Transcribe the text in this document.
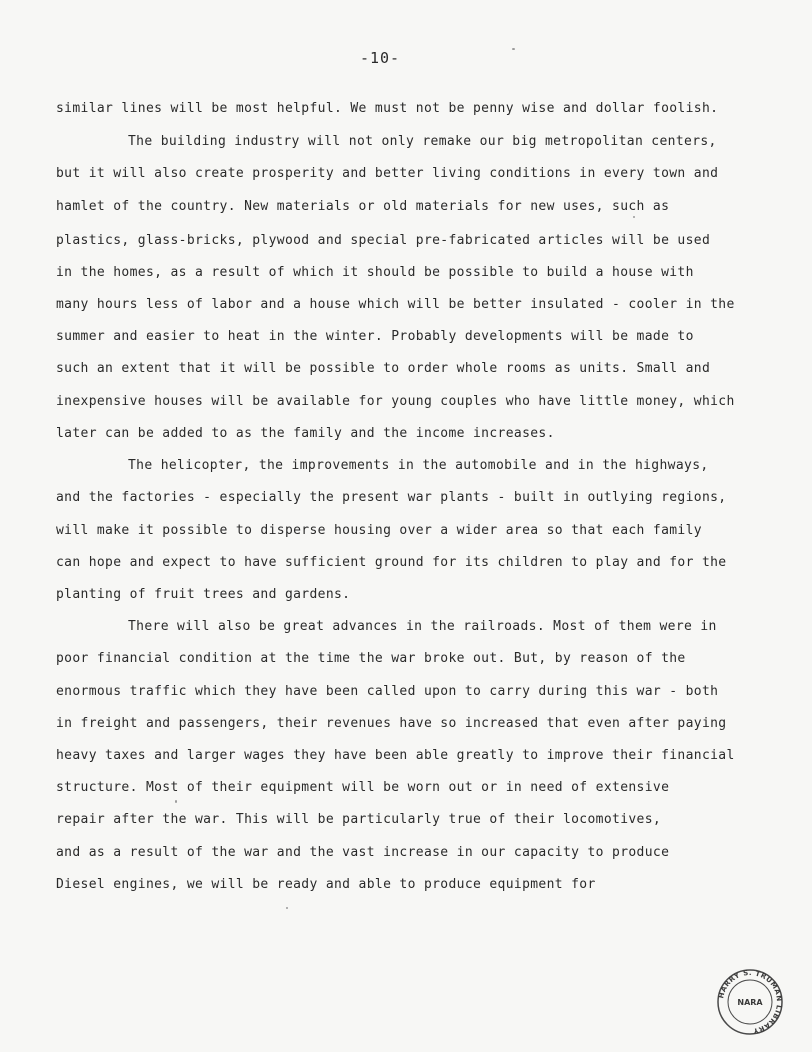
-10-
similar lines will be most helpful. We must not be penny wise and dollar foolish.
The building industry will not only remake our big metropolitan centers,
but it will also create prosperity and better living conditions in every town and
hamlet of the country. New materials or old materials for new uses, such as
plastics, glass-bricks, plywood and special pre-fabricated articles will be used
in the homes, as a result of which it should be possible to build a house with
many hours less of labor and a house which will be better insulated - cooler in the
summer and easier to heat in the winter. Probably developments will be made to
such an extent that it will be possible to order whole rooms as units. Small and
inexpensive houses will be available for young couples who have little money, which
later can be added to as the family and the income increases.
The helicopter, the improvements in the automobile and in the highways,
and the factories - especially the present war plants - built in outlying regions,
will make it possible to disperse housing over a wider area so that each family
can hope and expect to have sufficient ground for its children to play and for the
planting of fruit trees and gardens.
There will also be great advances in the railroads. Most of them were in
poor financial condition at the time the war broke out. But, by reason of the
enormous traffic which they have been called upon to carry during this war - both
in freight and passengers, their revenues have so increased that even after paying
heavy taxes and larger wages they have been able greatly to improve their financial
structure. Most of their equipment will be worn out or in need of extensive
repair after the war. This will be particularly true of their locomotives,
and as a result of the war and the vast increase in our capacity to produce
Diesel engines, we will be ready and able to produce equipment for
HARRY S. TRUMAN LIBRARY
NARA
